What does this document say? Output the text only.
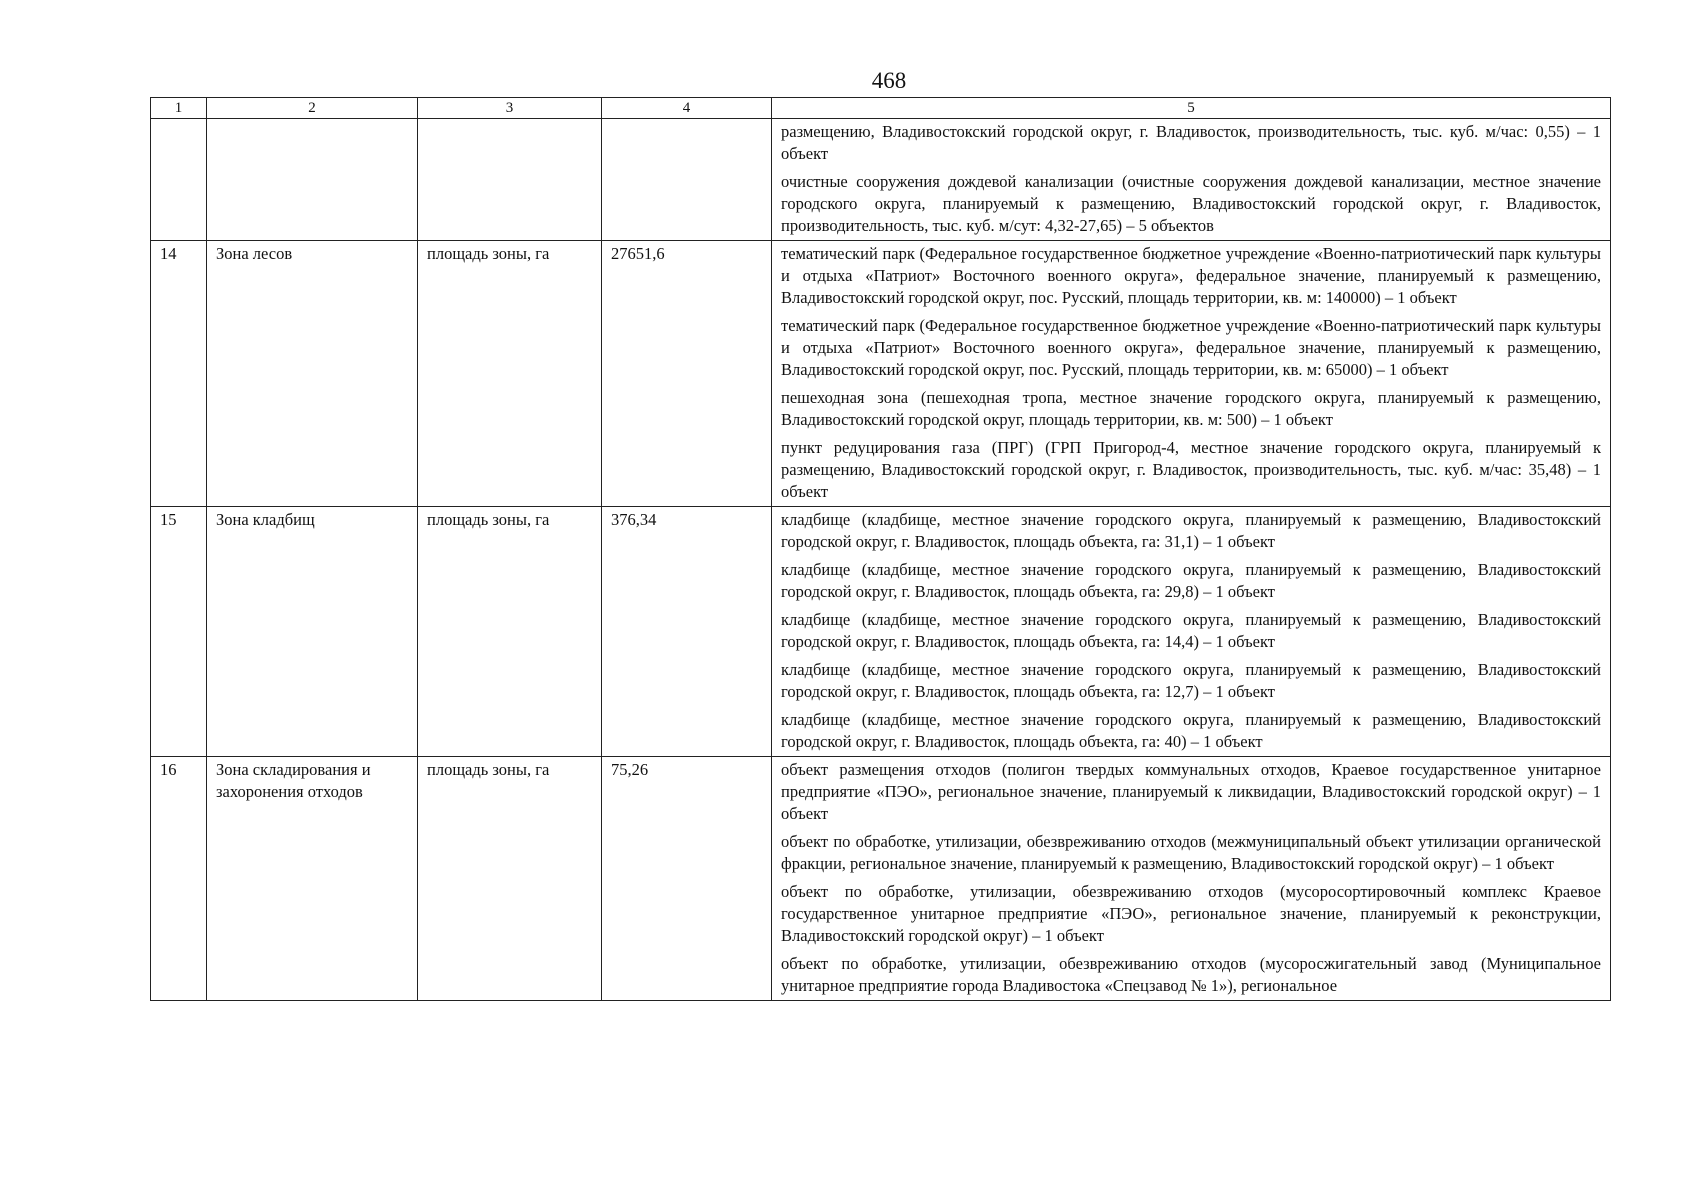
468
1	2	3	4	5

				размещению, Владивостокский городской округ, г. Владивосток, производительность, тыс. куб. м/час: 0,55) – 1 объект

очистные сооружения дождевой канализации (очистные сооружения дождевой канализации, местное значение городского округа, планируемый к размещению, Владивостокский городской округ, г. Владивосток, производительность, тыс. куб. м/сут: 4,32-27,65) – 5 объектов

14	Зона лесов	площадь зоны, га	27651,6	тематический парк (Федеральное государственное бюджетное учреждение «Военно-патриотический парк культуры и отдыха «Патриот» Восточного военного округа», федеральное значение, планируемый к размещению, Владивостокский городской округ, пос. Русский, площадь территории, кв. м: 140000) – 1 объект

тематический парк (Федеральное государственное бюджетное учреждение «Военно-патриотический парк культуры и отдыха «Патриот» Восточного военного округа», федеральное значение, планируемый к размещению, Владивостокский городской округ, пос. Русский, площадь территории, кв. м: 65000) – 1 объект

пешеходная зона (пешеходная тропа, местное значение городского округа, планируемый к размещению, Владивостокский городской округ, площадь территории, кв. м: 500) – 1 объект

пункт редуцирования газа (ПРГ) (ГРП Пригород-4, местное значение городского округа, планируемый к размещению, Владивостокский городской округ, г. Владивосток, производительность, тыс. куб. м/час: 35,48) – 1 объект

15	Зона кладбищ	площадь зоны, га	376,34	кладбище (кладбище, местное значение городского округа, планируемый к размещению, Владивостокский городской округ, г. Владивосток, площадь объекта, га: 31,1) – 1 объект

кладбище (кладбище, местное значение городского округа, планируемый к размещению, Владивостокский городской округ, г. Владивосток, площадь объекта, га: 29,8) – 1 объект

кладбище (кладбище, местное значение городского округа, планируемый к размещению, Владивостокский городской округ, г. Владивосток, площадь объекта, га: 14,4) – 1 объект

кладбище (кладбище, местное значение городского округа, планируемый к размещению, Владивостокский городской округ, г. Владивосток, площадь объекта, га: 12,7) – 1 объект

кладбище (кладбище, местное значение городского округа, планируемый к размещению, Владивостокский городской округ, г. Владивосток, площадь объекта, га: 40) – 1 объект

16	Зона складирования и захоронения отходов	площадь зоны, га	75,26	объект размещения отходов (полигон твердых коммунальных отходов, Краевое государственное унитарное предприятие «ПЭО», региональное значение, планируемый к ликвидации, Владивостокский городской округ) – 1 объект

объект по обработке, утилизации, обезвреживанию отходов (межмуниципальный объект утилизации органической фракции, региональное значение, планируемый к размещению, Владивостокский городской округ) – 1 объект

объект по обработке, утилизации, обезвреживанию отходов (мусоросортировочный комплекс Краевое государственное унитарное предприятие «ПЭО», региональное значение, планируемый к реконструкции, Владивостокский городской округ) – 1 объект

объект по обработке, утилизации, обезвреживанию отходов (мусоросжигательный завод (Муниципальное унитарное предприятие города Владивостока «Спецзавод № 1»), региональное
